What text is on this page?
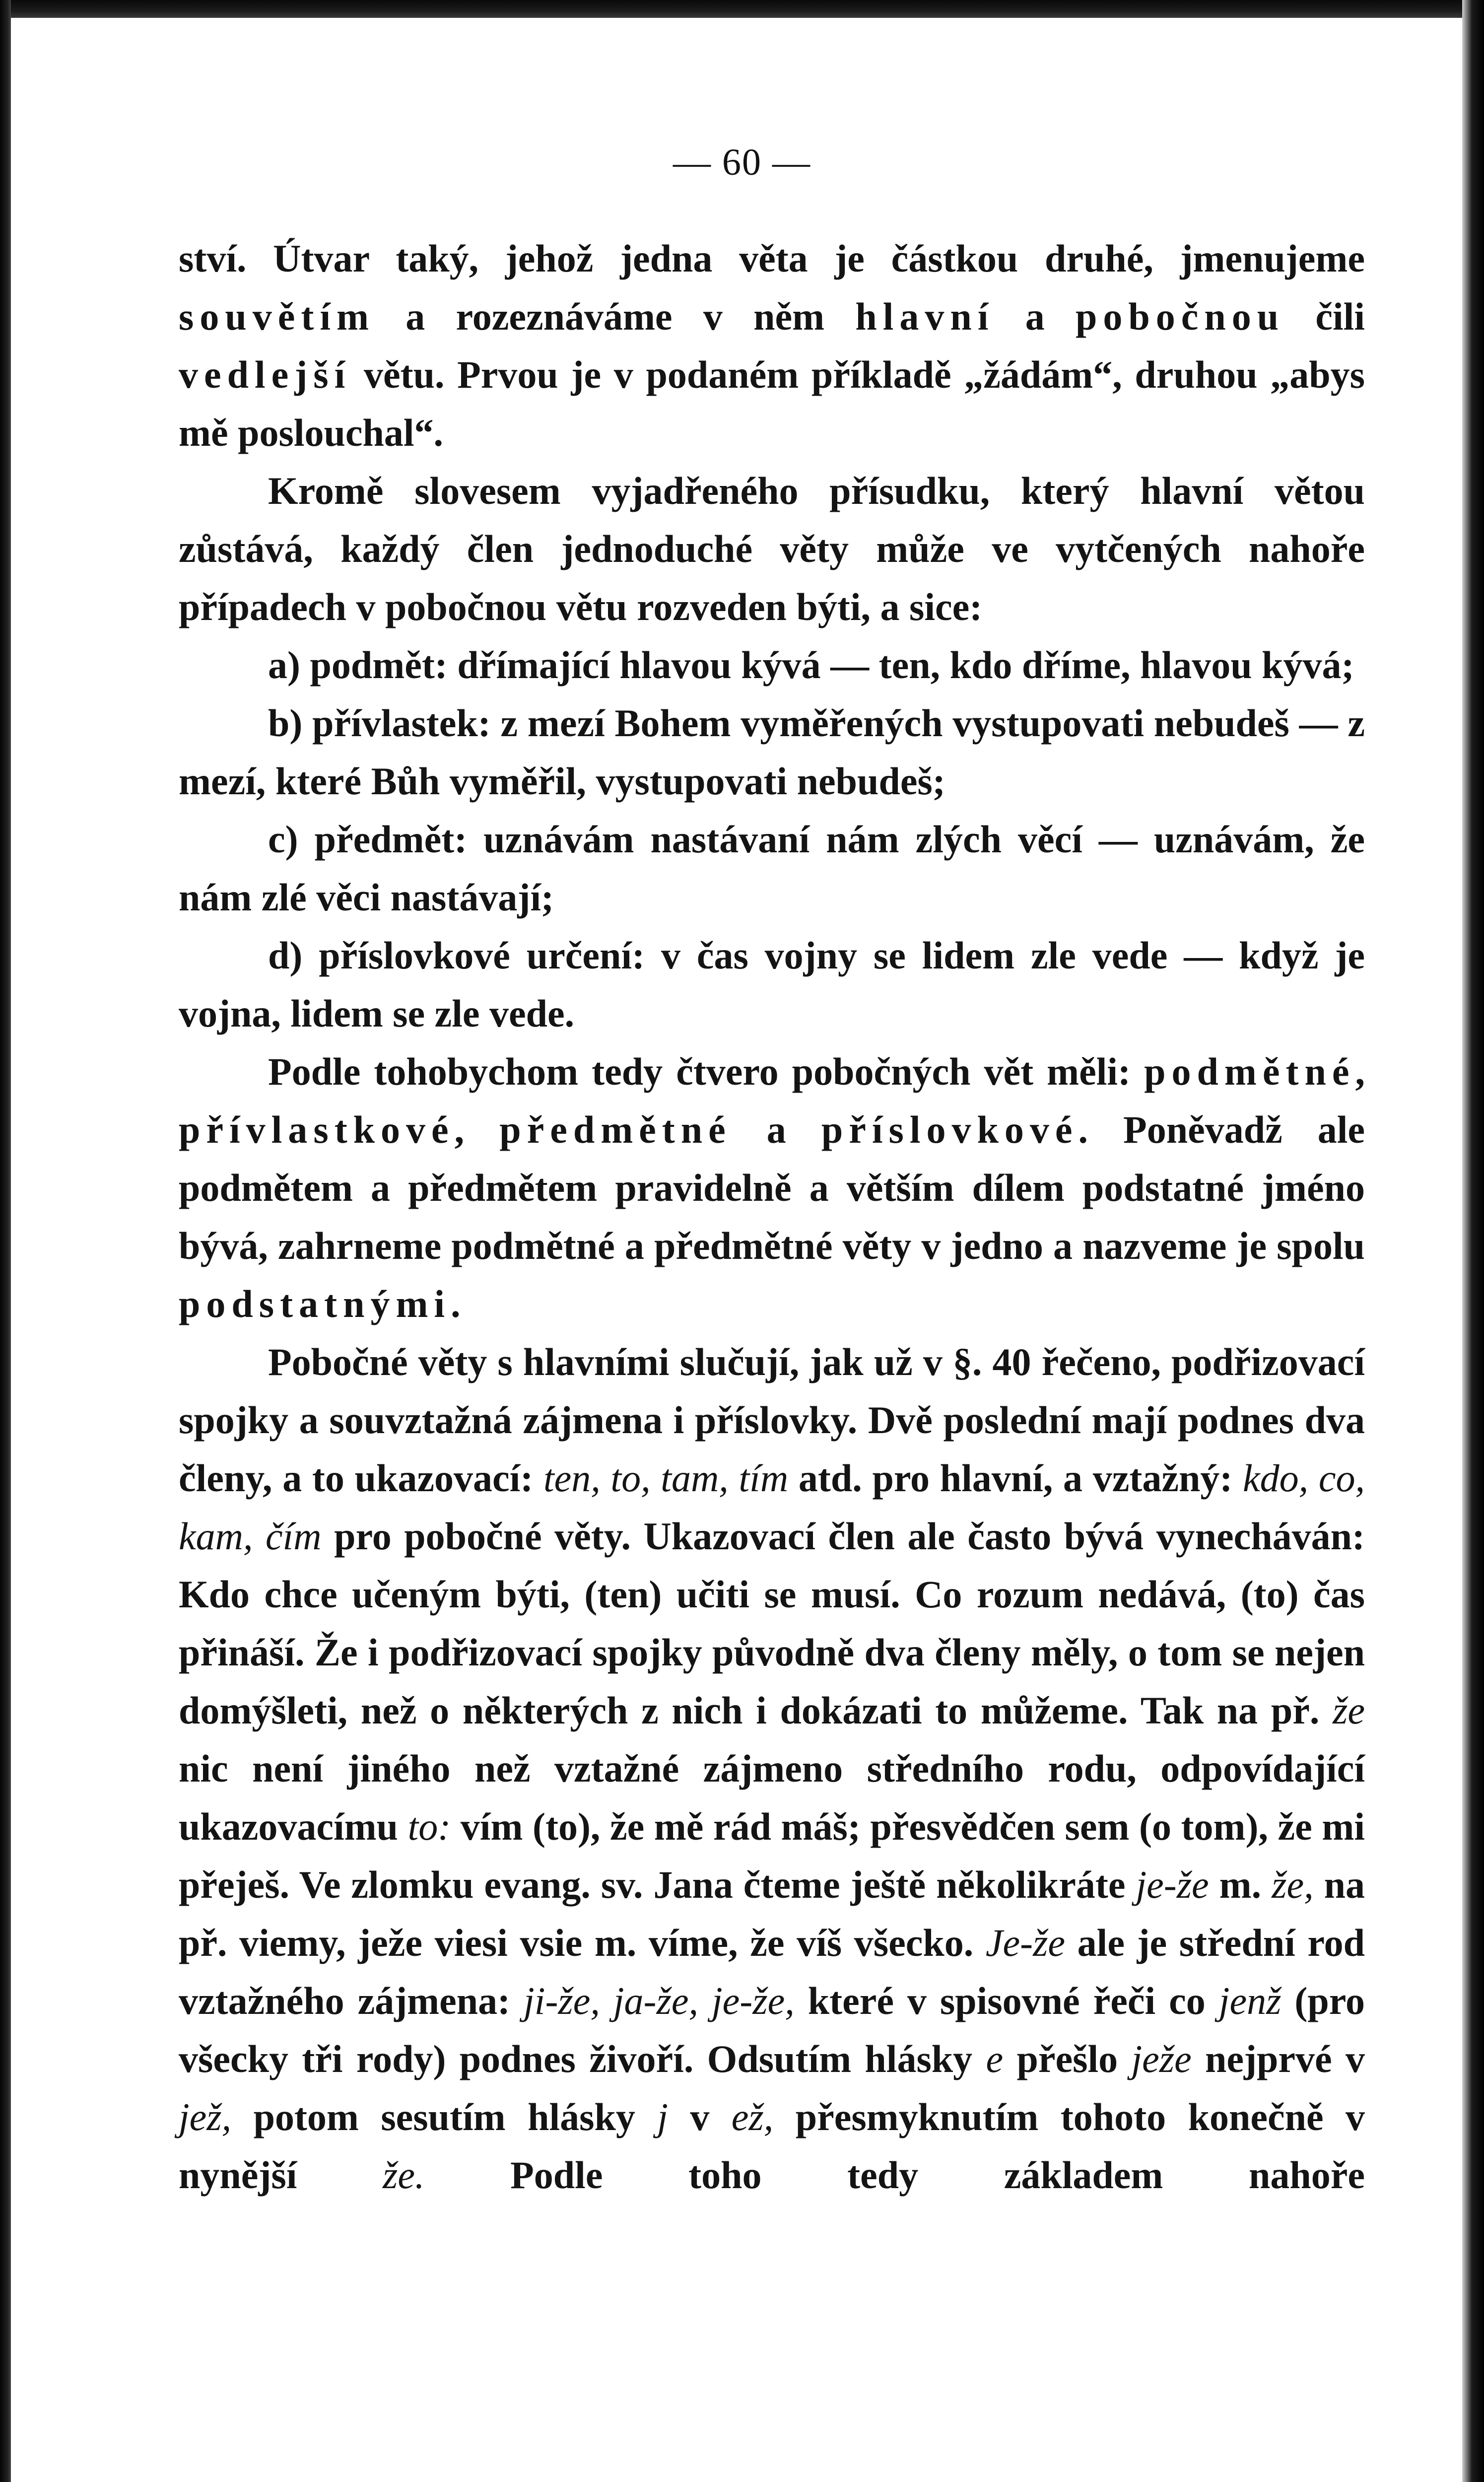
— 60 —

ství. Útvar taký, jehož jedna věta je částkou druhé, jmenujeme souvětím a rozeznáváme v něm hlavní a pobočnou čili vedlejší větu. Prvou je v podaném příkladě „žádám“, druhou „abys mě poslouchal“.

Kromě slovesem vyjadřeného přísudku, který hlavní větou zůstává, každý člen jednoduché věty může ve vytčených nahoře případech v pobočnou větu rozveden býti, a sice:

a) podmět: dřímající hlavou kývá — ten, kdo dříme, hlavou kývá;

b) přívlastek: z mezí Bohem vyměřených vystupovati nebudeš — z mezí, které Bůh vyměřil, vystupovati nebudeš;

c) předmět: uznávám nastávaní nám zlých věcí — uznávám, že nám zlé věci nastávají;

d) příslovkové určení: v čas vojny se lidem zle vede — když je vojna, lidem se zle vede.

Podle tohobychom tedy čtvero pobočných vět měli: podmětné, přívlastkové, předmětné a příslovkové. Poněvadž ale podmětem a předmětem pravidelně a větším dílem podstatné jméno bývá, zahrneme podmětné a předmětné věty v jedno a nazveme je spolu podstatnými.

Pobočné věty s hlavními slučují, jak už v §. 40 řečeno, podřizovací spojky a souvztažná zájmena i příslovky. Dvě poslední mají podnes dva členy, a to ukazovací: ten, to, tam, tím atd. pro hlavní, a vztažný: kdo, co, kam, čím pro pobočné věty. Ukazovací člen ale často bývá vynecháván: Kdo chce učeným býti, (ten) učiti se musí. Co rozum nedává, (to) čas přináší. Že i podřizovací spojky původně dva členy měly, o tom se nejen domýšleti, než o některých z nich i dokázati to můžeme. Tak na př. že nic není jiného než vztažné zájmeno středního rodu, odpovídající ukazovacímu to: vím (to), že mě rád máš; přesvědčen sem (o tom), že mi přeješ. Ve zlomku evang. sv. Jana čteme ještě několikráte je-že m. že, na př. viemy, ježe viesi vsie m. víme, že víš všecko. Je-že ale je střední rod vztažného zájmena: ji-že, ja-že, je-že, které v spisovné řeči co jenž (pro všecky tři rody) podnes živoří. Odsutím hlásky e přešlo ježe nejprvé v jež, potom sesutím hlásky j v ež, přesmyknutím tohoto konečně v nynější že. Podle toho tedy základem nahoře
